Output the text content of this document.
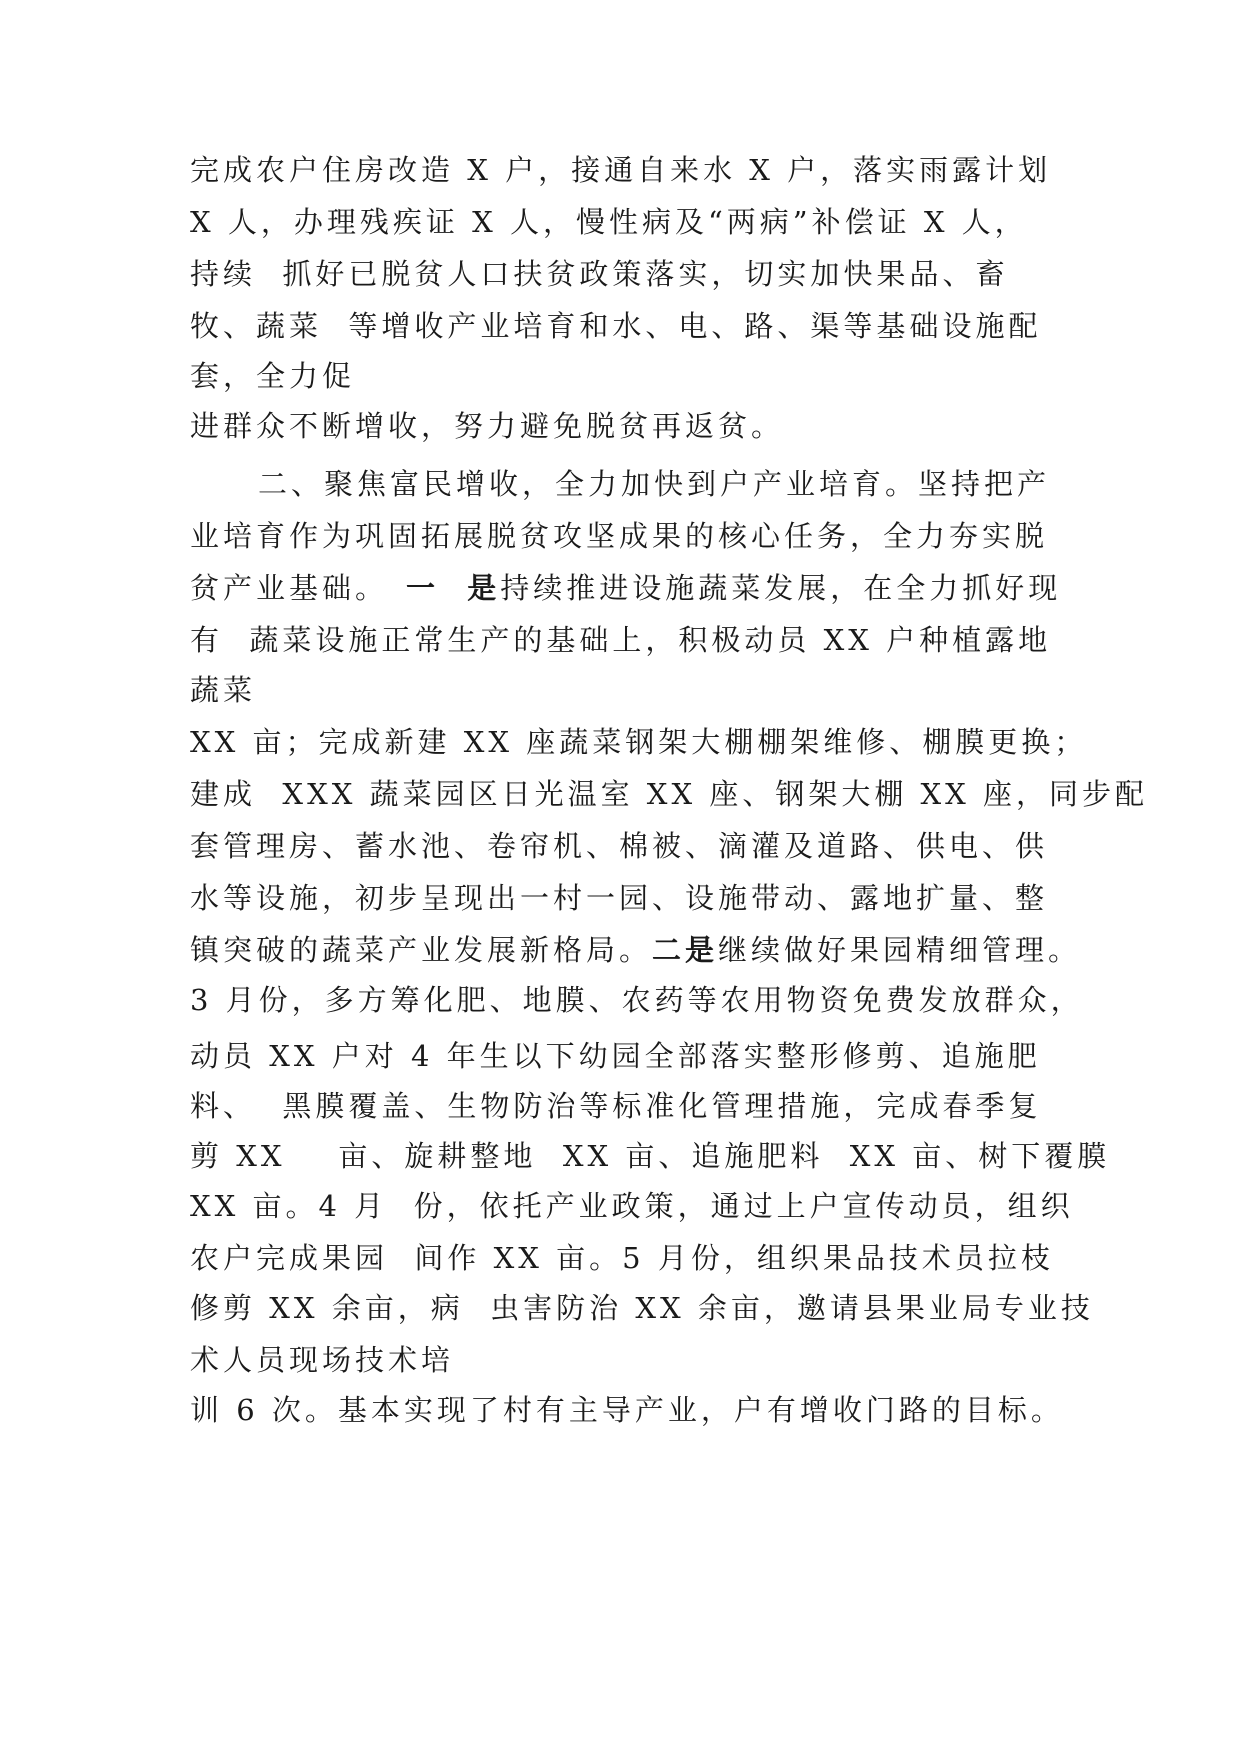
完成农户住房改造 X 户，接通自来水 X 户，落实雨露计划
X 人，办理残疾证 X 人，慢性病及“两病”补偿证 X 人，
持续  抓好已脱贫人口扶贫政策落实，切实加快果品、畜
牧、蔬菜  等增收产业培育和水、电、路、渠等基础设施配
套，全力促
进群众不断增收，努力避免脱贫再返贫。
二、聚焦富民增收，全力加快到户产业培育。坚持把产
业培育作为巩固拓展脱贫攻坚成果的核心任务，全力夯实脱
贫产业基础。 一  是持续推进设施蔬菜发展，在全力抓好现
有  蔬菜设施正常生产的基础上，积极动员 XX 户种植露地
蔬菜
XX 亩；完成新建 XX 座蔬菜钢架大棚棚架维修、棚膜更换；
建成  XXX 蔬菜园区日光温室 XX 座、钢架大棚 XX 座，同步配
套管理房、蓄水池、卷帘机、棉被、滴灌及道路、供电、供
水等设施，初步呈现出一村一园、设施带动、露地扩量、整
镇突破的蔬菜产业发展新格局。二是继续做好果园精细管理。
3 月份，多方筹化肥、地膜、农药等农用物资免费发放群众，
动员 XX 户对 4 年生以下幼园全部落实整形修剪、追施肥
料、  黑膜覆盖、生物防治等标准化管理措施，完成春季复
剪 XX    亩、旋耕整地  XX 亩、追施肥料  XX 亩、树下覆膜
XX 亩。4 月  份，依托产业政策，通过上户宣传动员，组织
农户完成果园  间作 XX 亩。5 月份，组织果品技术员拉枝
修剪 XX 余亩，病  虫害防治 XX 余亩，邀请县果业局专业技
术人员现场技术培
训 6 次。基本实现了村有主导产业，户有增收门路的目标。
